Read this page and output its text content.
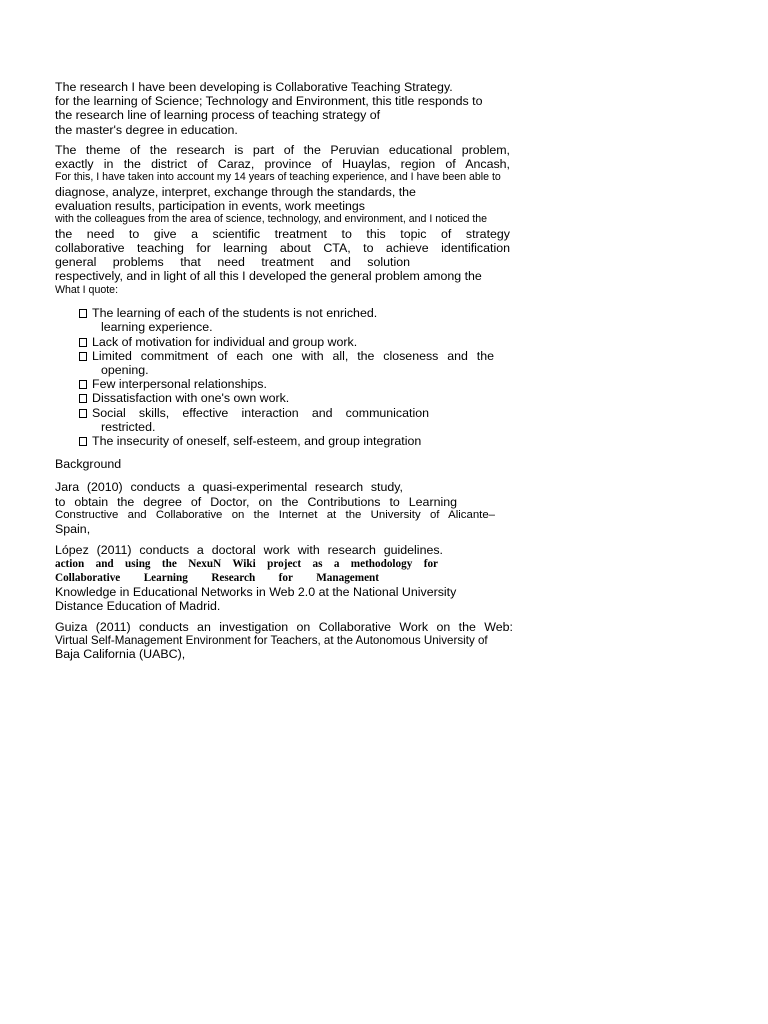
The research I have been developing is Collaborative Teaching Strategy.
for the learning of Science; Technology and Environment, this title responds to
the research line of learning process of teaching strategy of
the master's degree in education.
The theme of the research is part of the Peruvian educational problem,
exactly in the district of Caraz, province of Huaylas, region of Ancash,
For this, I have taken into account my 14 years of teaching experience, and I have been able to
diagnose, analyze, interpret, exchange through the standards, the
evaluation results, participation in events, work meetings
with the colleagues from the area of science, technology, and environment, and I noticed the
the need to give a scientific treatment to this topic of strategy
collaborative teaching for learning about CTA, to achieve identification
general problems that need treatment and solution
respectively, and in light of all this I developed the general problem among the
What I quote:
The learning of each of the students is not enriched.
learning experience.
Lack of motivation for individual and group work.
Limited commitment of each one with all, the closeness and the
opening.
Few interpersonal relationships.
Dissatisfaction with one's own work.
Social skills, effective interaction and communication
restricted.
The insecurity of oneself, self-esteem, and group integration
Background
Jara (2010) conducts a quasi-experimental research study,
to obtain the degree of Doctor, on the Contributions to Learning
Constructive and Collaborative on the Internet at the University of Alicante–
Spain,
López (2011) conducts a doctoral work with research guidelines.
action and using the NexuN Wiki project as a methodology for
Collaborative Learning Research for Management
Knowledge in Educational Networks in Web 2.0 at the National University
Distance Education of Madrid.
Guiza (2011) conducts an investigation on Collaborative Work on the Web:
Virtual Self-Management Environment for Teachers, at the Autonomous University of
Baja California (UABC),
